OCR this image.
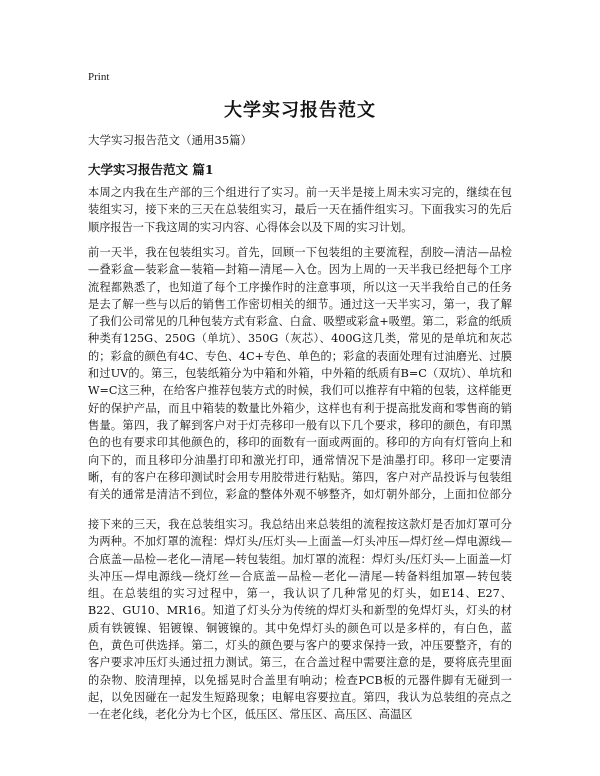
Print
大学实习报告范文
大学实习报告范文（通用35篇）
大学实习报告范文 篇1

本周之内我在生产部的三个组进行了实习。前一天半是接上周未实习完的，继续在包装组实习，接下来的三天在总装组实习，最后一天在插件组实习。下面我实习的先后顺序报告一下我这周的实习内容、心得体会以及下周的实习计划。

前一天半，我在包装组实习。首先，回顾一下包装组的主要流程，刮胶—清洁—品检—叠彩盒—装彩盒—装箱—封箱—清尾—入仓。因为上周的一天半我已经把每个工序流程都熟悉了，也知道了每个工序操作时的注意事项，所以这一天半我给自己的任务是去了解一些与以后的销售工作密切相关的细节。通过这一天半实习，第一，我了解了我们公司常见的几种包装方式有彩盒、白盒、吸塑或彩盒+吸塑。第二，彩盒的纸质种类有125G、250G（单坑）、350G（灰芯）、400G这几类，常见的是单坑和灰芯的；彩盒的颜色有4C、专色、4C+专色、单色的；彩盒的表面处理有过油磨光、过膜和过UV的。第三，包装纸箱分为中箱和外箱，中外箱的纸质有B=C（双坑）、单坑和W=C这三种，在给客户推荐包装方式的时候，我们可以推荐有中箱的包装，这样能更好的保护产品，而且中箱装的数量比外箱少，这样也有利于提高批发商和零售商的销售量。第四，我了解到客户对于灯壳移印一般有以下几个要求，移印的颜色，有印黑色的也有要求印其他颜色的，移印的面数有一面或两面的。移印的方向有灯管向上和向下的，而且移印分油墨打印和激光打印，通常情况下是油墨打印。移印一定要清晰，有的客户在移印测试时会用专用胶带进行粘贴。第四，客户对产品投诉与包装组有关的通常是清洁不到位，彩盒的整体外观不够整齐，如灯朝外部分，上面扣位部分

接下来的三天，我在总装组实习。我总结出来总装组的流程按这款灯是否加灯罩可分为两种。不加灯罩的流程：焊灯头/压灯头—上面盖—灯头冲压—焊灯丝—焊电源线—合底盖—品检—老化—清尾—转包装组。加灯罩的流程：焊灯头/压灯头—上面盖—灯头冲压—焊电源线—绕灯丝—合底盖—品检—老化—清尾—转备料组加罩—转包装组。在总装组的实习过程中，第一，我认识了几种常见的灯头，如E14、E27、B22、GU10、MR16。知道了灯头分为传统的焊灯头和新型的免焊灯头，灯头的材质有铁镀镍、铝镀镍、铜镀镍的。其中免焊灯头的颜色可以是多样的，有白色，蓝色，黄色可供选择。第二，灯头的颜色要与客户的要求保持一致，冲压要整齐，有的客户要求冲压灯头通过扭力测试。第三，在合盖过程中需要注意的是，要将底壳里面的杂物、胶清理掉，以免摇晃时合盖里有响动；检查PCB板的元器件脚有无碰到一起，以免因碰在一起发生短路现象；电解电容要拉直。第四，我认为总装组的亮点之一在老化线，老化分为七个区，低压区、常压区、高压区、高温区
